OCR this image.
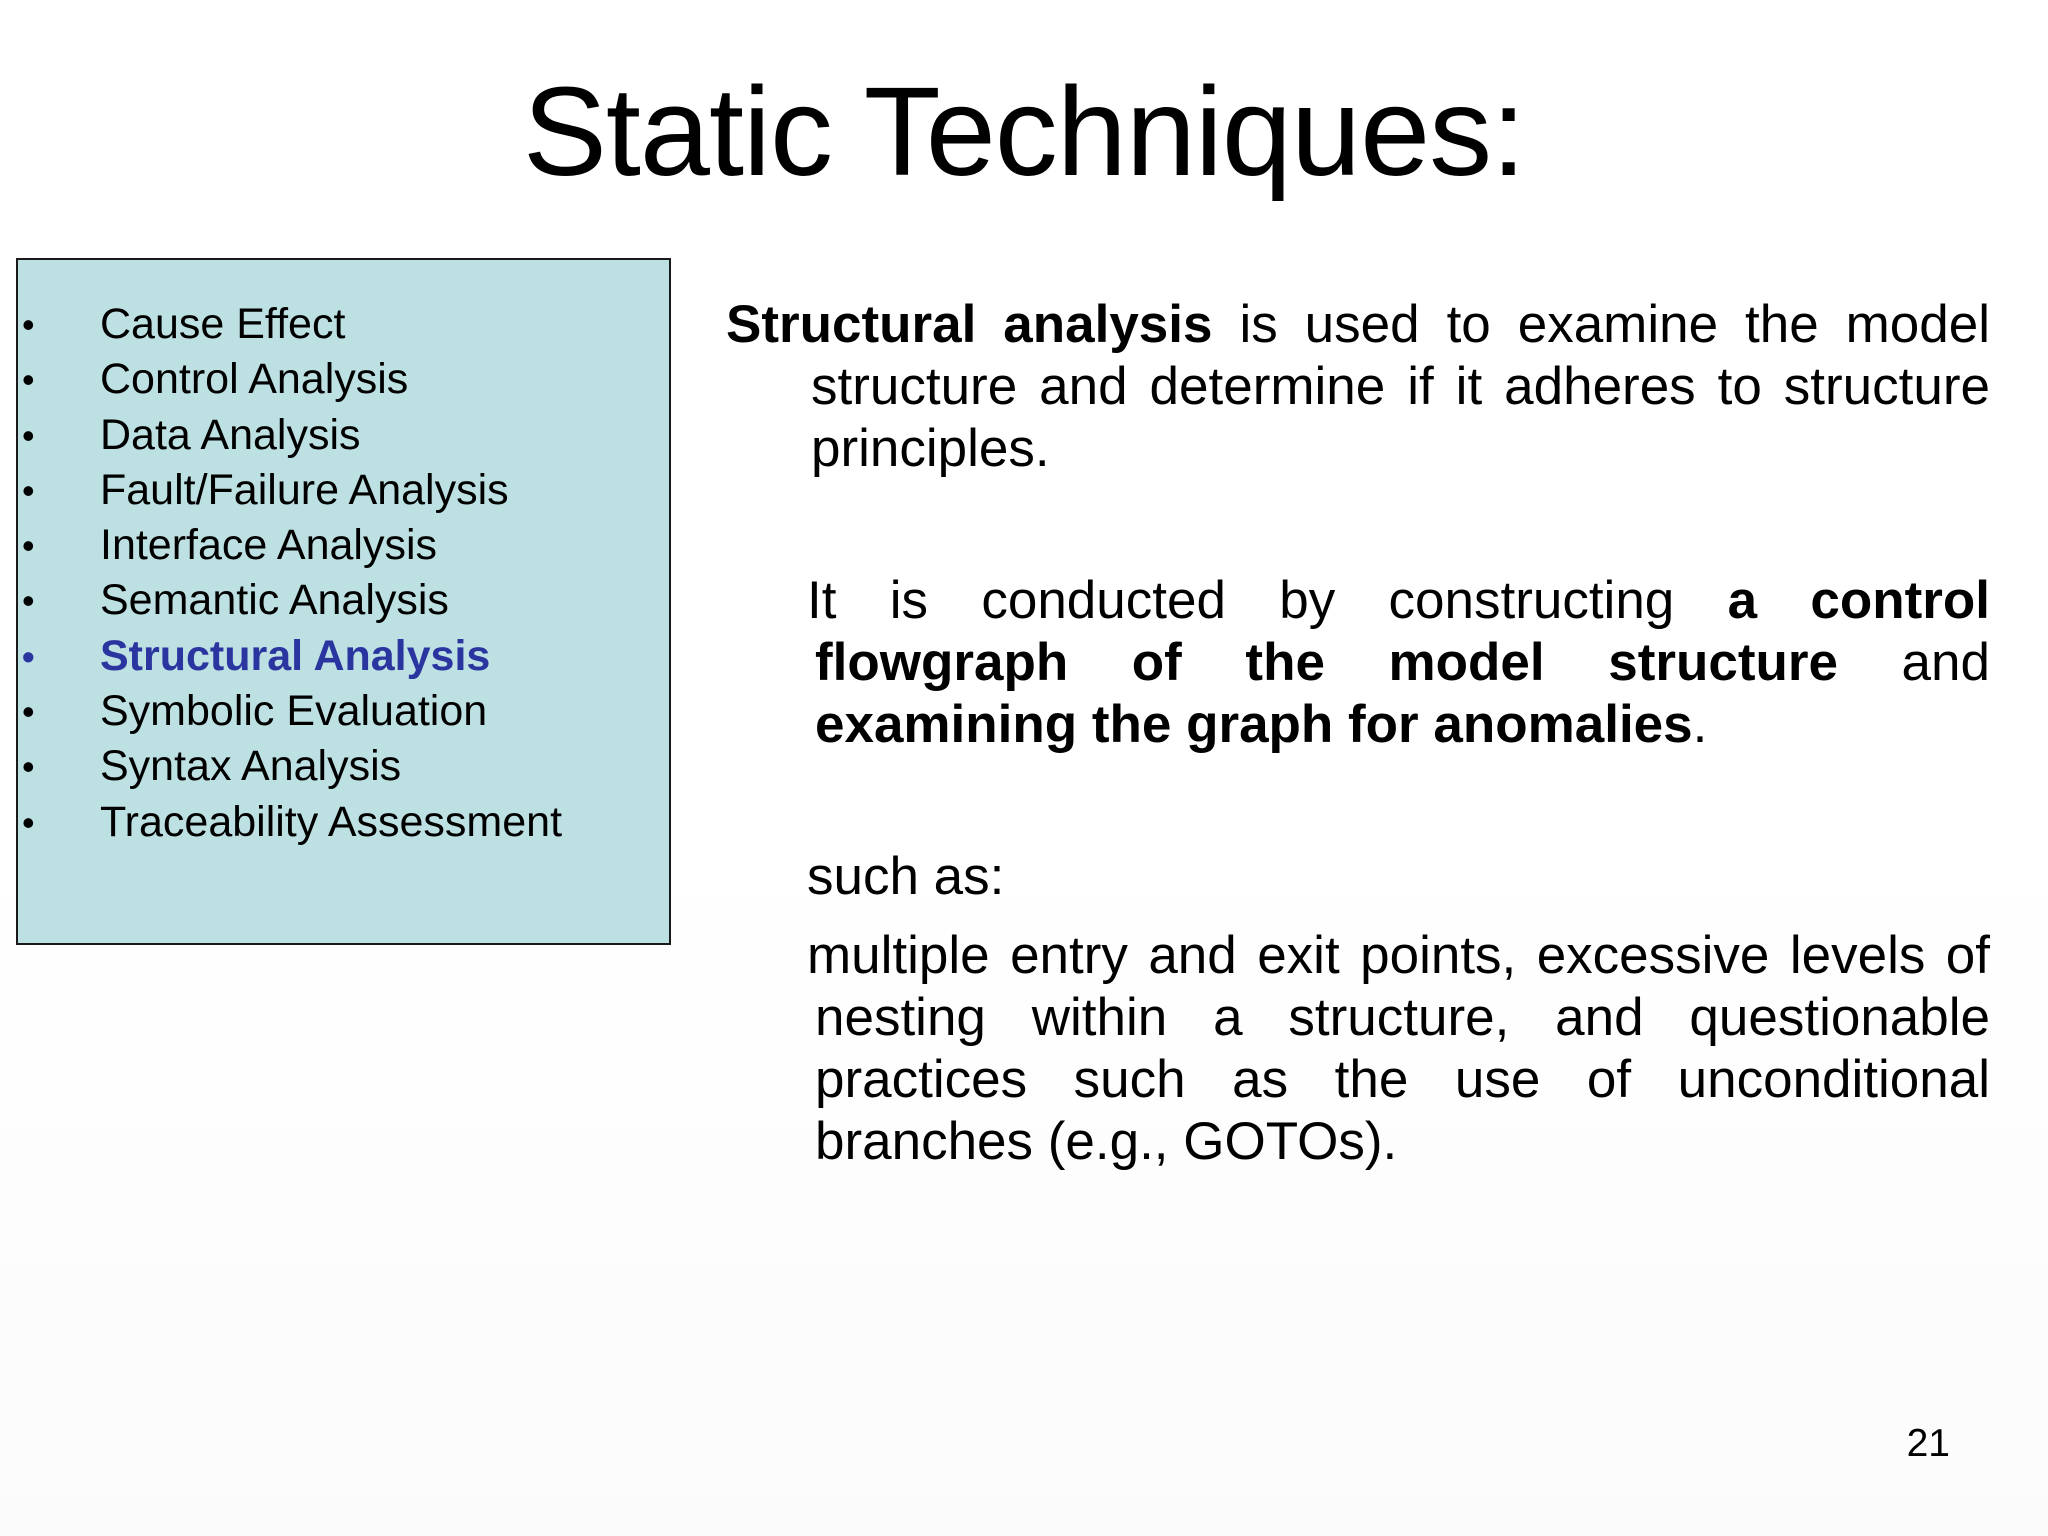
Static Techniques:
•	Cause Effect
•	Control Analysis
•	Data Analysis
•	Fault/Failure Analysis
•	Interface Analysis
•	Semantic Analysis
•	Structural Analysis
•	Symbolic Evaluation
•	Syntax Analysis
•	Traceability Assessment

Structural analysis is used to examine the model structure and determine if it adheres to structure principles.

It is conducted by constructing a control flowgraph of the model structure and examining the graph for anomalies.

such as:

multiple entry and exit points, excessive levels of nesting within a structure, and questionable practices such as the use of unconditional branches (e.g., GOTOs).

21
